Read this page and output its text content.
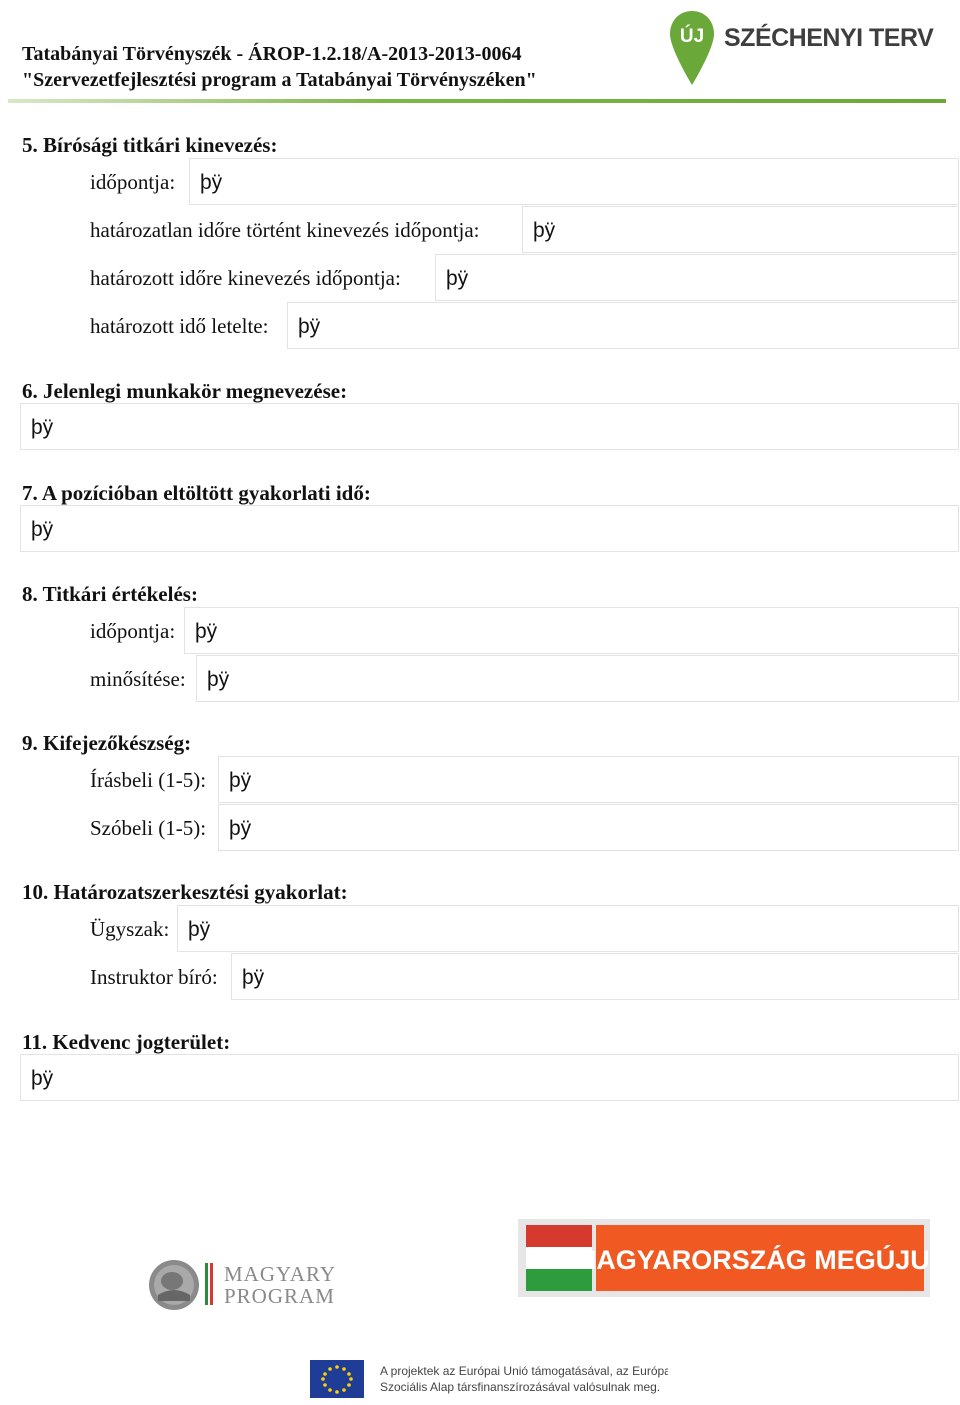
Tatabányai Törvényszék - ÁROP-1.2.18/A-2013-2013-0064
"Szervezetfejlesztési program a Tatabányai Törvényszéken"
ÚJ SZÉCHENYI TERV
5. Bírósági titkári kinevezés:
időpontja:	þÿ
határozatlan időre történt kinevezés időpontja:	þÿ
határozott időre kinevezés időpontja:	þÿ
határozott idő letelte:	þÿ
6. Jelenlegi munkakör megnevezése:
þÿ
7. A pozícióban eltöltött gyakorlati idő:
þÿ
8. Titkári értékelés:
időpontja: þÿ
minősítése:	þÿ
9. Kifejezőkészség:
Írásbeli (1-5):	þÿ
Szóbeli (1-5):	þÿ
10. Határozatszerkesztési gyakorlat:
Ügyszak: þÿ
Instruktor bíró:	þÿ
11. Kedvenc jogterület:
þÿ
MAGYARY
PROGRAM
MAGYARORSZÁG MEGÚJUL
A projektek az Európai Unió támogatásával, az Európai
Szociális Alap társfinanszírozásával valósulnak meg.
